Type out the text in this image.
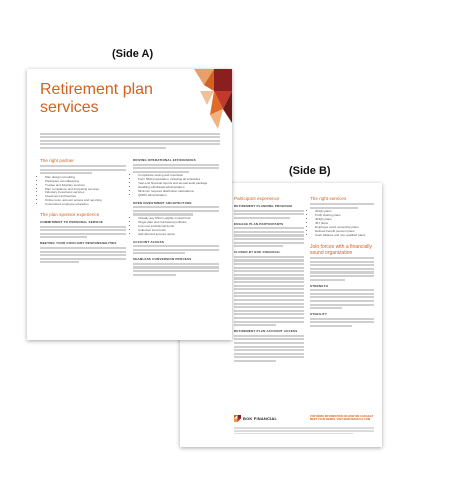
(Side A)
(Side B)
Participant experience
RETIREMENT PLANNING PROGRAM
ENGAGE PLAN PARTICIPANTS
CLOSER BY BOK FINANCIAL
RETIREMENT PLAN ACCOUNT ACCESS
The right services
• 401(k) plans
• Profit sharing plans
• 403(b) plans
• 457 plans
• Employee stock ownership plans
• Defined benefit pension plans
• Cash balance and non-qualified plans
Join forces with a financially sound organization
STRENGTH
STABILITY
BOK FINANCIAL	FOR MORE INFORMATION ON HOW WE CAN HELP MEET YOUR NEEDS, VISIT BOKFINANCIAL.COM
Retirement plan services
The right partner
• Plan design consulting
• Participant recordkeeping
• Trustee and fiduciary services
• Plan compliance and full testing services
• Fiduciary investment services
• Investment architecture
• Online tools, account access and reporting
• Customized employee education
The plan sponsor experience
COMMITMENT TO PERSONAL SERVICE
MEETING YOUR FIDUCIARY RESPONSIBILITIES
DRIVING OPERATIONAL EFFICIENCIES
• Compliance testing and resolution
• Form 5500 preparation, including all schedules
• Year-end financial reports and annual audit package
• Handling withdrawal administration
• Minimum required distribution calculations
• QDRO administration
OPEN INVESTMENT ARCHITECTURE
• Virtually any NSCC eligible mutual fund
• Target date and risk-based portfolios
• Low-cost institutional funds
• Collective trust funds
• Self-directed account option
ACCOUNT ACCESS
SEAMLESS CONVERSION PROCESS
